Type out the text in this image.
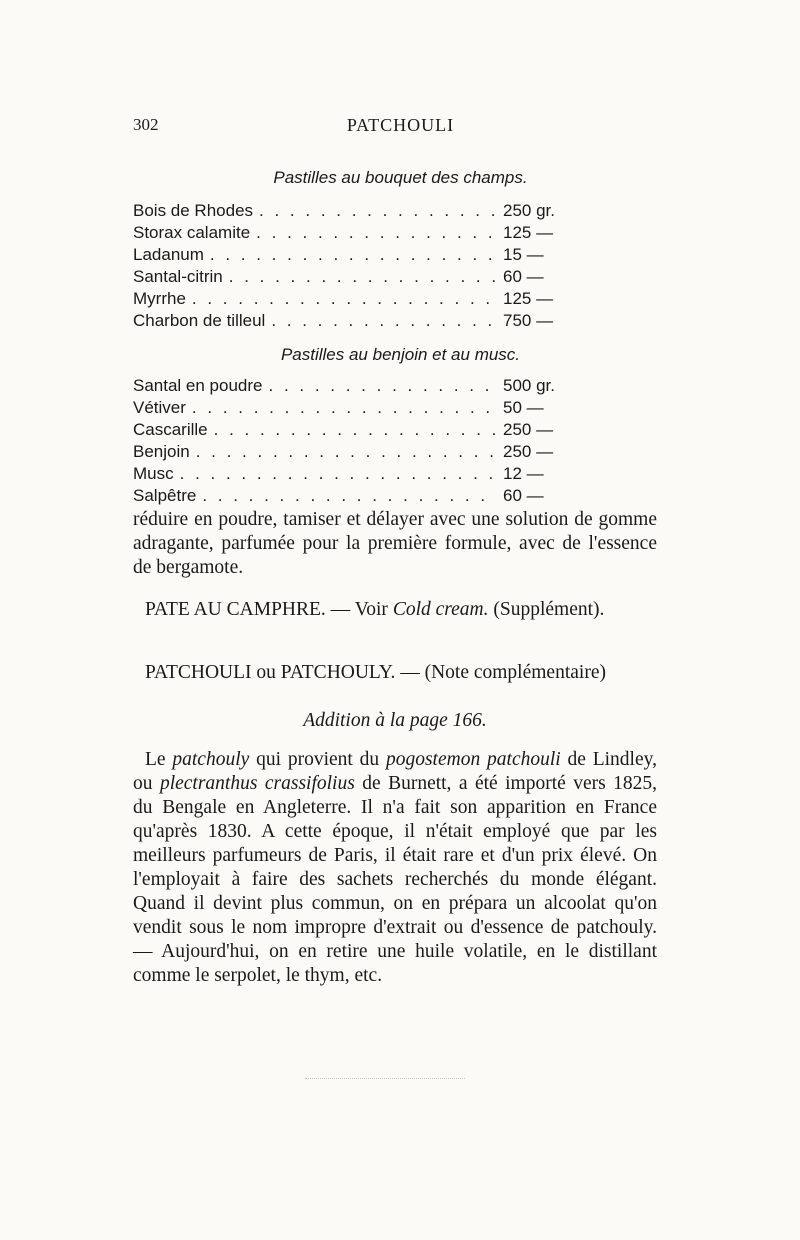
302	PATCHOULI
Pastilles au bouquet des champs.
Bois de Rhodes . . .	250 gr.
Storax calamite . . .	125 —
Ladanum . . .	15 —
Santal-citrin . . .	60 —
Myrrhe . . .	125 —
Charbon de tilleul . . .	750 —
Pastilles au benjoin et au musc.
Santal en poudre . . .	500 gr.
Vétiver . . .	50 —
Cascarille . . .	250 —
Benjoin . . .	250 —
Musc . . .	12 —
Salpêtre . . .	60 —

réduire en poudre, tamiser et délayer avec une solution de gomme adragante, parfumée pour la première formule, avec de l'essence de bergamote.

PATE AU CAMPHRE. — Voir Cold cream. (Supplément).

PATCHOULI ou PATCHOULY. — (Note complémentaire)

Addition à la page 166.

Le patchouly qui provient du pogostemon patchouli de Lindley, ou plectranthus crassifolius de Burnett, a été importé vers 1825, du Bengale en Angleterre. Il n'a fait son apparition en France qu'après 1830. A cette époque, il n'était employé que par les meilleurs parfumeurs de Paris, il était rare et d'un prix élevé. On l'employait à faire des sachets recherchés du monde élégant. Quand il devint plus commun, on en prépara un alcoolat qu'on vendit sous le nom impropre d'extrait ou d'essence de patchouly. — Aujourd'hui, on en retire une huile volatile, en le distillant comme le serpolet, le thym, etc.
